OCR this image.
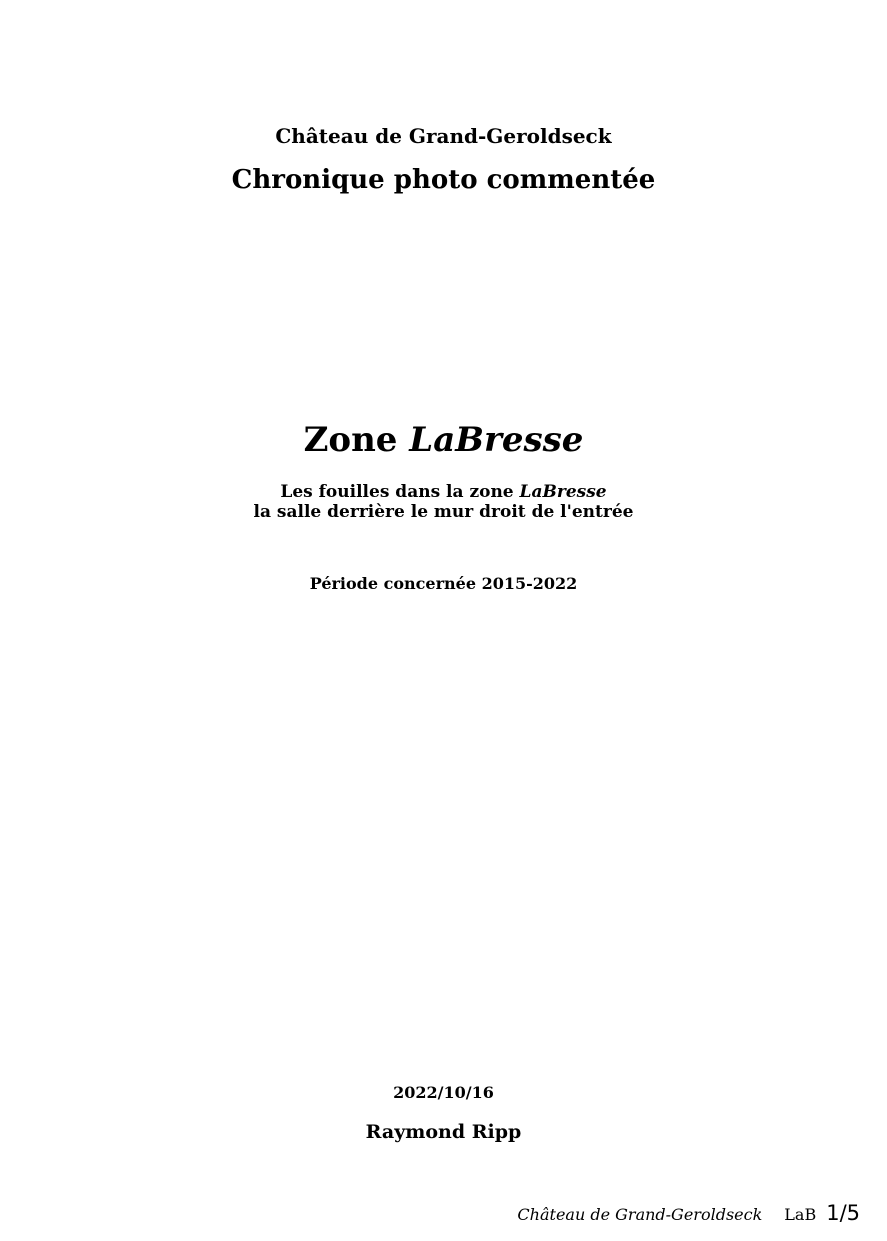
Château de Grand-Geroldseck
Chronique photo commentée
Zone LaBresse
Les fouilles dans la zone LaBresse
la salle derrière le mur droit de l'entrée
Période concernée 2015-2022
2022/10/16
Raymond Ripp
Château de Grand-Geroldseck LaB 1/5
